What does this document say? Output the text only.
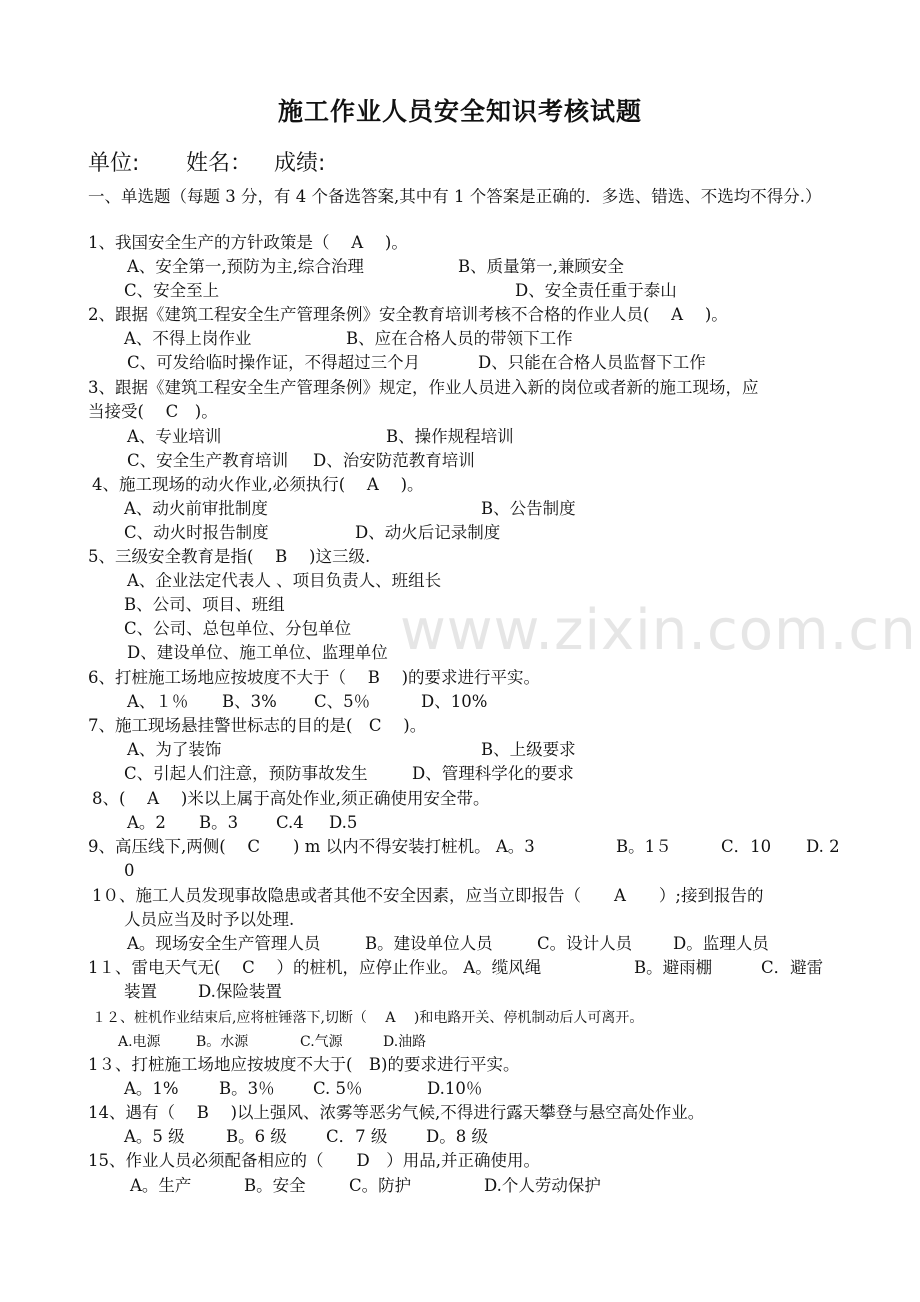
www.zixin.com.cn
施工作业人员安全知识考核试题
单位:	姓名： 成绩:
一、单选题（每题 3 分，有 4 个备选答案,其中有 1 个答案是正确的．多选、错选、不选均不得分.）
1、我国安全生产的方针政策是（　 A　 )。
A、安全第一,预防为主,综合治理	B、质量第一,兼顾安全
C、安全至上	D、安全责任重于泰山
2、跟据《建筑工程安全生产管理条例》安全教育培训考核不合格的作业人员(　 A　 )。
A、不得上岗作业	B、应在合格人员的带领下工作
C、可发给临时操作证，不得超过三个月	D、只能在合格人员监督下工作
3、跟据《建筑工程安全生产管理条例》规定，作业人员进入新的岗位或者新的施工现场，应
当接受(　 C　)。
A、专业培训	B、操作规程培训
C、安全生产教育培训 D、治安防范教育培训
4、施工现场的动火作业,必须执行(　 A　 )。
A、动火前审批制度	B、公告制度
C、动火时报告制度	D、动火后记录制度
5、三级安全教育是指(　 B　 )这三级.
A、企业法定代表人 、项目负责人、班组长
B、公司、项目、班组
C、公司、总包单位、分包单位
D、建设单位、施工单位、监理单位
6、打桩施工场地应按坡度不大于（　 B　 )的要求进行平实。
A、１％ B、3% C、5％	D、10%
7、施工现场悬挂警世标志的目的是(　C　 )。
A、为了装饰	B、上级要求
C、引起人们注意，预防事故发生	D、管理科学化的要求
8、(　 A　 )米以上属于高处作业,须正确使用安全带。
A。2 B。3 C.4 D.5
9、高压线下,两侧(　 C　　) m 以内不得安装打桩机。 A。3	B。1５	C．10 D. 2
0
1０、施工人员发现事故隐患或者其他不安全因素，应当立即报告（　　A　　）;接到报告的
人员应当及时予以处理.
A。现场安全生产管理人员	B。建设单位人员	C。设计人员 D。监理人员
1１、雷电天气无(　 C　 ）的桩机，应停止作业。 A。缆风绳	B。避雨棚	C．避雷
装置 D.保险装置
１２、桩机作业结束后,应将桩锤落下,切断（　 A　 )和电路开关、停机制动后人可离开。
A.电源	B。水源	C.气源	D.油路
1３、打桩施工场地应按坡度不大于(　B)的要求进行平实。
A。1% B。3％ C. 5％	D.10％
14、遇有（　 B　 )以上强风、浓雾等恶劣气候,不得进行露天攀登与悬空高处作业。
A。5 级	B。6 级 C．7 级 D。8 级
15、作业人员必须配备相应的（　　D　）用品,并正确使用。
A。生产	B。安全	C。防护	D.个人劳动保护
